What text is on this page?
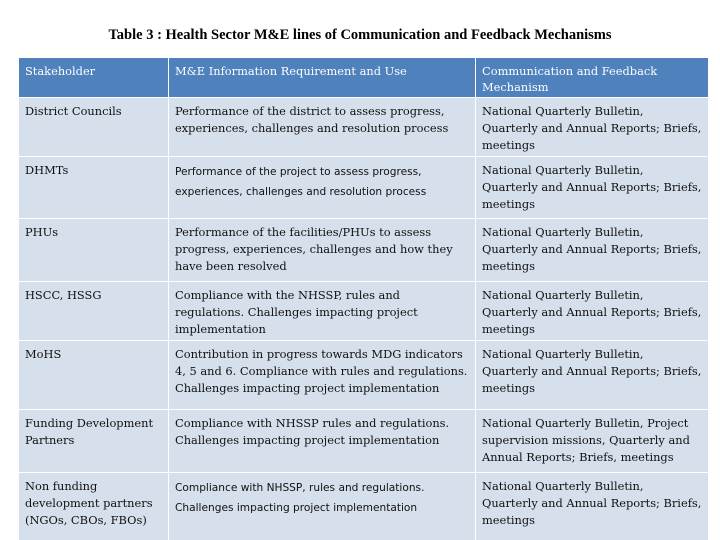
Table 3 : Health Sector M&E lines of Communication and Feedback Mechanisms
Stakeholder	M&E Information Requirement and Use	Communication and Feedback Mechanism
District Councils	Performance of the district to assess progress, experiences, challenges and resolution process	National Quarterly Bulletin, Quarterly and Annual Reports; Briefs, meetings
DHMTs	Performance of the project to assess progress, experiences, challenges and resolution process	National Quarterly Bulletin, Quarterly and Annual Reports; Briefs, meetings
PHUs	Performance of the facilities/PHUs to assess progress, experiences, challenges and how they have been resolved	National Quarterly Bulletin, Quarterly and Annual Reports; Briefs, meetings
HSCC, HSSG	Compliance with the NHSSP, rules and regulations. Challenges impacting project implementation	National Quarterly Bulletin, Quarterly and Annual Reports; Briefs, meetings
MoHS	Contribution in progress towards MDG indicators 4, 5 and 6. Compliance with rules and regulations. Challenges impacting project implementation	National Quarterly Bulletin, Quarterly and Annual Reports; Briefs, meetings
Funding Development Partners	Compliance with NHSSP rules and regulations. Challenges impacting project implementation	National Quarterly Bulletin, Project supervision missions, Quarterly and Annual Reports; Briefs, meetings
Non funding development partners (NGOs, CBOs, FBOs)	Compliance with NHSSP, rules and regulations. Challenges impacting project implementation	National Quarterly Bulletin, Quarterly and Annual Reports; Briefs, meetings
